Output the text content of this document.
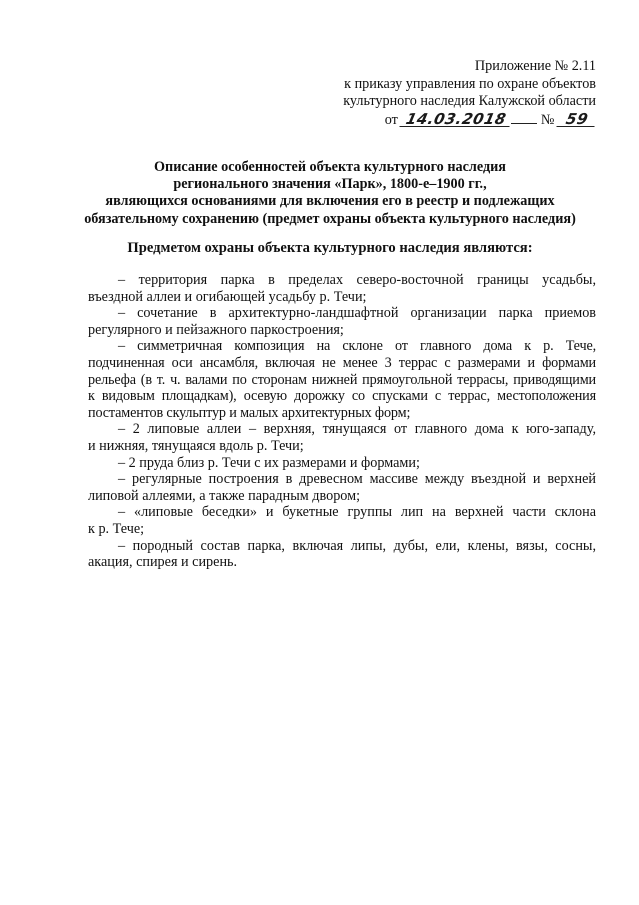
Приложение № 2.11
к приказу управления по охране объектов
культурного наследия Калужской области
от 14.03.2018 № 59
Описание особенностей объекта культурного наследия
регионального значения «Парк», 1800-е–1900 гг.,
являющихся основаниями для включения его в реестр и подлежащих
обязательному сохранению (предмет охраны объекта культурного наследия)
Предметом охраны объекта культурного наследия являются:
– территория парка в пределах северо-восточной границы усадьбы,
въездной аллеи и огибающей усадьбу р. Течи;
– сочетание в архитектурно-ландшафтной организации парка приемов
регулярного и пейзажного паркостроения;
– симметричная композиция на склоне от главного дома к р. Тече,
подчиненная оси ансамбля, включая не менее 3 террас с размерами и формами
рельефа (в т. ч. валами по сторонам нижней прямоугольной террасы, приводящими
к видовым площадкам), осевую дорожку со спусками с террас, местоположения
постаментов скульптур и малых архитектурных форм;
– 2 липовые аллеи – верхняя, тянущаяся от главного дома к юго-западу,
и нижняя, тянущаяся вдоль р. Течи;
– 2 пруда близ р. Течи с их размерами и формами;
– регулярные построения в древесном массиве между въездной и верхней
липовой аллеями, а также парадным двором;
– «липовые беседки» и букетные группы лип на верхней части склона
к р. Тече;
– породный состав парка, включая липы, дубы, ели, клены, вязы, сосны,
акация, спирея и сирень.
